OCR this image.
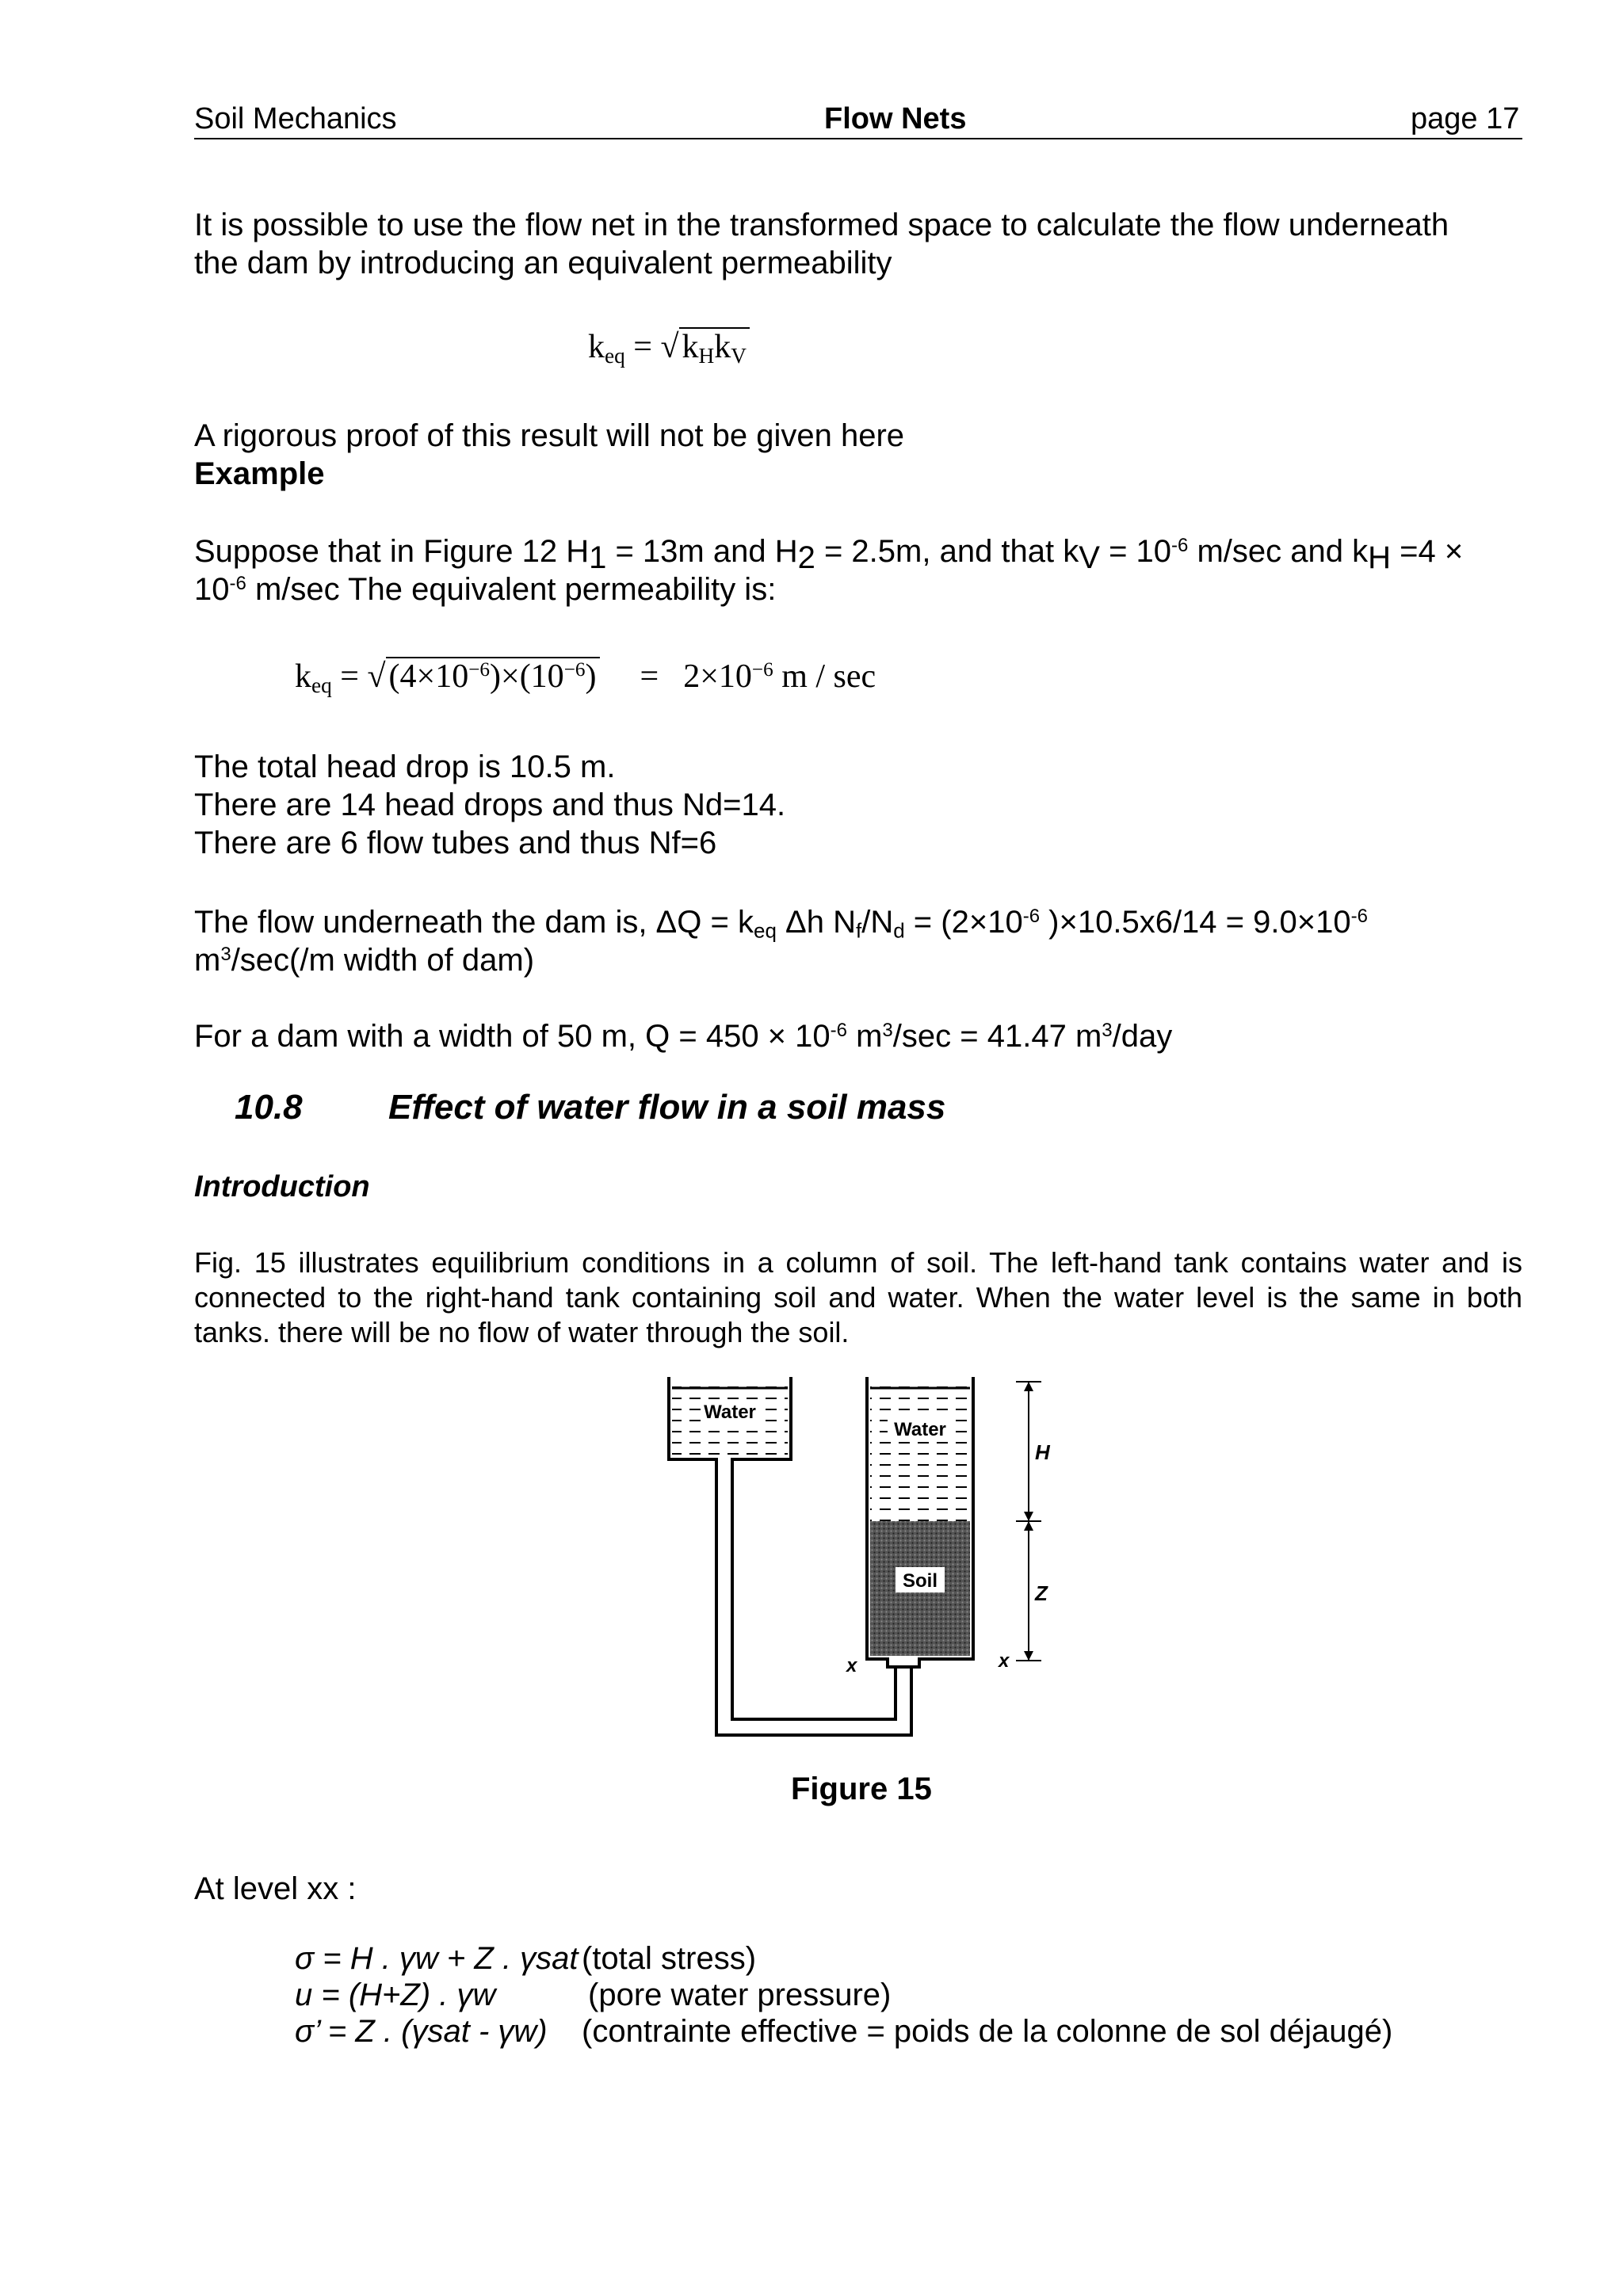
Soil Mechanics	Flow Nets	page 17
It is possible to use the flow net in the transformed space to calculate the flow underneath
the dam by introducing an equivalent permeability
$k_{eq} = √k_Hk_V$
A rigorous proof of this result will not be given here
Example
Suppose that in Figure 12 $H_1 = 13m$ and $H_2 = 2.5m$, and that $k_V = 10^{-6}$ m/sec and $k_H =4$ ×
$10^{-6}$ m/sec The equivalent permeability is:
$k_{eq} = √(4\times 10^{-6})\times(10^{-6}) = 2\times 10^{-6}$ m / sec
The total head drop is 10.5 m.
There are 14 head drops and thus Nd=14.
There are 6 flow tubes and thus Nf=6
The flow underneath the dam is, $\Delta Q = k_{eq}$ Δh $N_f/N_d = (2\times 10^{-6}$ )$\times 10.5x6/14 = 9.0\times 10^{-6}$
$m^3/\sec(/m$ width of dam)
For a dam with a width of 50 m, $Q = 450 \times 10^{-6}$ $m^3/\sec = 41.47$ $m^3$/day
10.8 Effect of water flow in a soil mass
Introduction
Fig. 15 illustrates equilibrium conditions in a column of soil. The left-hand tank contains water and is connected to the right-hand tank containing soil and water. When the water level is the same in both tanks. there will be no flow of water through the soil.
Water
Water
Soil
H
Z
x	x
Figure 15
At level xx :
σ = H . γw + Z . γsat (total stress)
u = (H+Z) . γw	(pore water pressure)
σ’ = Z . (γsat - γw) (contrainte effective = poids de la colonne de sol déjaugé)
